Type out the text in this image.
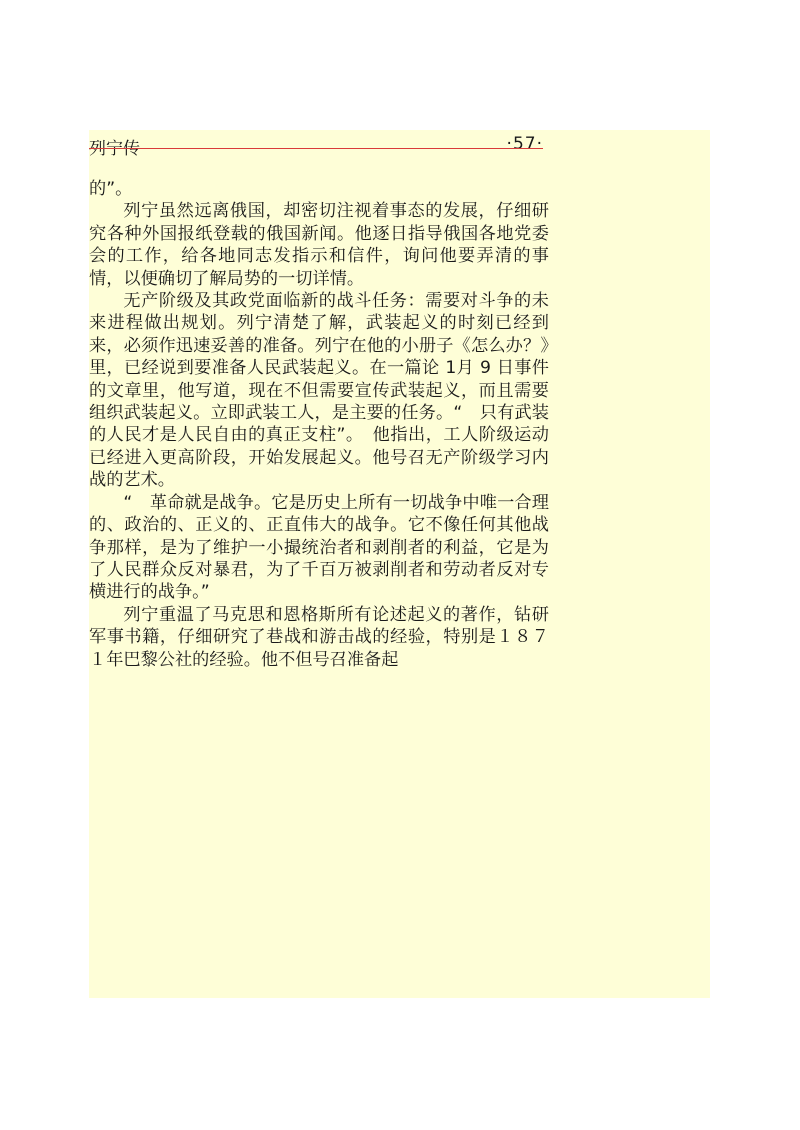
列宁传	·57·

的”。

列宁虽然远离俄国，却密切注视着事态的发展，仔细研究各种外国报纸登载的俄国新闻。他逐日指导俄国各地党委会的工作，给各地同志发指示和信件，询问他要弄清的事情，以便确切了解局势的一切详情。

无产阶级及其政党面临新的战斗任务：需要对斗争的未来进程做出规划。列宁清楚了解，武装起义的时刻已经到来，必须作迅速妥善的准备。列宁在他的小册子《怎么办？》里，已经说到要准备人民武装起义。在一篇论 1月 9 日事件的文章里，他写道，现在不但需要宣传武装起义，而且需要组织武装起义。立即武装工人，是主要的任务。“　只有武装的人民才是人民自由的真正支柱”。　他指出，工人阶级运动已经进入更高阶段，开始发展起义。他号召无产阶级学习内战的艺术。

“　革命就是战争。它是历史上所有一切战争中唯一合理的、政治的、正义的、正直伟大的战争。它不像任何其他战争那样，是为了维护一小撮统治者和剥削者的利益，它是为了人民群众反对暴君，为了千百万被剥削者和劳动者反对专横进行的战争。”

列宁重温了马克思和恩格斯所有论述起义的著作，钻研军事书籍，仔细研究了巷战和游击战的经验，特别是１８７１年巴黎公社的经验。他不但号召准备起
